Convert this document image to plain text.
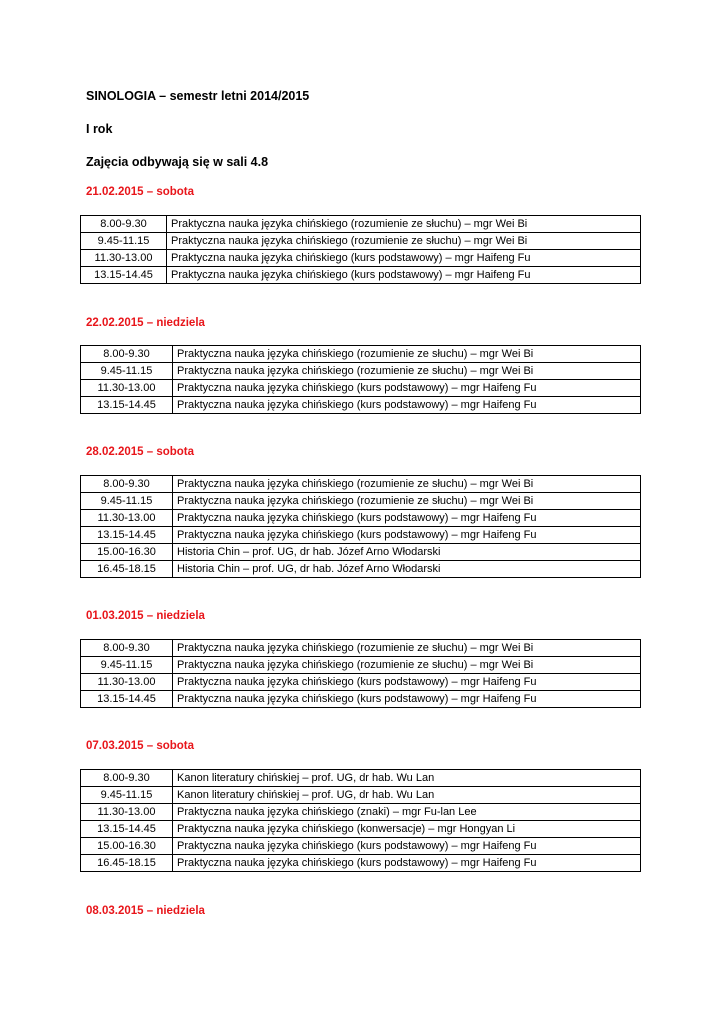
SINOLOGIA – semestr letni 2014/2015

I rok

Zajęcia odbywają się w sali 4.8

21.02.2015 – sobota

8.00-9.30	Praktyczna nauka języka chińskiego (rozumienie ze słuchu) – mgr Wei Bi
9.45-11.15	Praktyczna nauka języka chińskiego (rozumienie ze słuchu) – mgr Wei Bi
11.30-13.00	Praktyczna nauka języka chińskiego (kurs podstawowy) – mgr Haifeng Fu
13.15-14.45	Praktyczna nauka języka chińskiego (kurs podstawowy) – mgr Haifeng Fu

22.02.2015 – niedziela

8.00-9.30	Praktyczna nauka języka chińskiego (rozumienie ze słuchu) – mgr Wei Bi
9.45-11.15	Praktyczna nauka języka chińskiego (rozumienie ze słuchu) – mgr Wei Bi
11.30-13.00	Praktyczna nauka języka chińskiego (kurs podstawowy) – mgr Haifeng Fu
13.15-14.45	Praktyczna nauka języka chińskiego (kurs podstawowy) – mgr Haifeng Fu

28.02.2015 – sobota

8.00-9.30	Praktyczna nauka języka chińskiego (rozumienie ze słuchu) – mgr Wei Bi
9.45-11.15	Praktyczna nauka języka chińskiego (rozumienie ze słuchu) – mgr Wei Bi
11.30-13.00	Praktyczna nauka języka chińskiego (kurs podstawowy) – mgr Haifeng Fu
13.15-14.45	Praktyczna nauka języka chińskiego (kurs podstawowy) – mgr Haifeng Fu
15.00-16.30	Historia Chin – prof. UG, dr hab. Józef Arno Włodarski
16.45-18.15	Historia Chin – prof. UG, dr hab. Józef Arno Włodarski

01.03.2015 – niedziela

8.00-9.30	Praktyczna nauka języka chińskiego (rozumienie ze słuchu) – mgr Wei Bi
9.45-11.15	Praktyczna nauka języka chińskiego (rozumienie ze słuchu) – mgr Wei Bi
11.30-13.00	Praktyczna nauka języka chińskiego (kurs podstawowy) – mgr Haifeng Fu
13.15-14.45	Praktyczna nauka języka chińskiego (kurs podstawowy) – mgr Haifeng Fu

07.03.2015 – sobota

8.00-9.30	Kanon literatury chińskiej – prof. UG, dr hab. Wu Lan
9.45-11.15	Kanon literatury chińskiej – prof. UG, dr hab. Wu Lan
11.30-13.00	Praktyczna nauka języka chińskiego (znaki) – mgr Fu-lan Lee
13.15-14.45	Praktyczna nauka języka chińskiego (konwersacje) – mgr Hongyan Li
15.00-16.30	Praktyczna nauka języka chińskiego (kurs podstawowy) – mgr Haifeng Fu
16.45-18.15	Praktyczna nauka języka chińskiego (kurs podstawowy) – mgr Haifeng Fu

08.03.2015 – niedziela
